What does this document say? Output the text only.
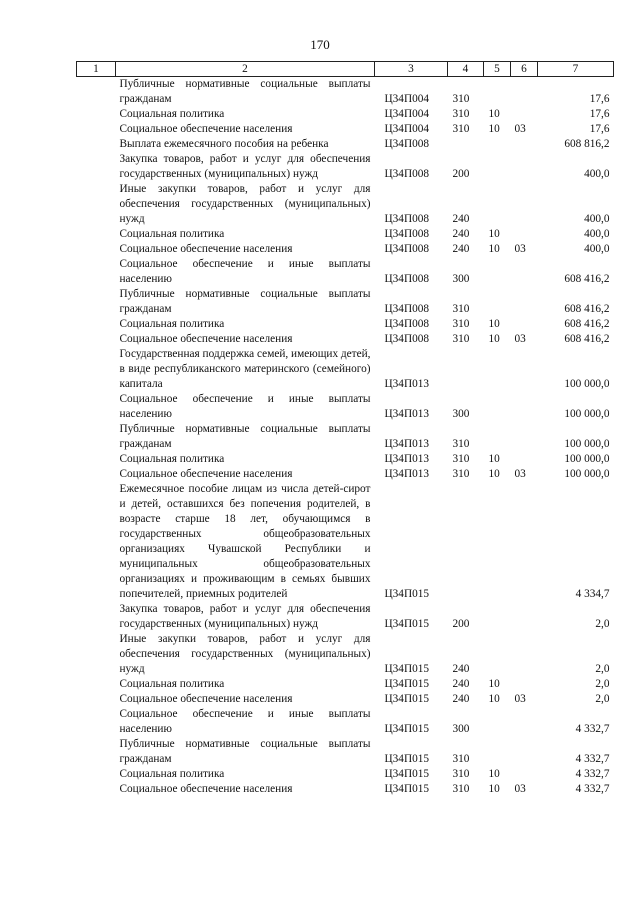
170
1	2	3	4	5	6	7
	Публичные нормативные социальные выплаты гражданам	Ц34П004	310			17,6
	Социальная политика	Ц34П004	310	10		17,6
	Социальное обеспечение населения	Ц34П004	310	10	03	17,6
	Выплата ежемесячного пособия на ребенка	Ц34П008				608 816,2
	Закупка товаров, работ и услуг для обеспечения государственных (муниципальных) нужд	Ц34П008	200			400,0
	Иные закупки товаров, работ и услуг для обеспечения государственных (муниципальных) нужд	Ц34П008	240			400,0
	Социальная политика	Ц34П008	240	10		400,0
	Социальное обеспечение населения	Ц34П008	240	10	03	400,0
	Социальное обеспечение и иные выплаты населению	Ц34П008	300			608 416,2
	Публичные нормативные социальные выплаты гражданам	Ц34П008	310			608 416,2
	Социальная политика	Ц34П008	310	10		608 416,2
	Социальное обеспечение населения	Ц34П008	310	10	03	608 416,2
	Государственная поддержка семей, имеющих детей, в виде республиканского материнского (семейного) капитала	Ц34П013				100 000,0
	Социальное обеспечение и иные выплаты населению	Ц34П013	300			100 000,0
	Публичные нормативные социальные выплаты гражданам	Ц34П013	310			100 000,0
	Социальная политика	Ц34П013	310	10		100 000,0
	Социальное обеспечение населения	Ц34П013	310	10	03	100 000,0
	Ежемесячное пособие лицам из числа детей-сирот и детей, оставшихся без попечения родителей, в возрасте старше 18 лет, обучающимся в государственных общеобразовательных организациях Чувашской Республики и муниципальных общеобразовательных организациях и проживающим в семьях бывших попечителей, приемных родителей	Ц34П015				4 334,7
	Закупка товаров, работ и услуг для обеспечения государственных (муниципальных) нужд	Ц34П015	200			2,0
	Иные закупки товаров, работ и услуг для обеспечения государственных (муниципальных) нужд	Ц34П015	240			2,0
	Социальная политика	Ц34П015	240	10		2,0
	Социальное обеспечение населения	Ц34П015	240	10	03	2,0
	Социальное обеспечение и иные выплаты населению	Ц34П015	300			4 332,7
	Публичные нормативные социальные выплаты гражданам	Ц34П015	310			4 332,7
	Социальная политика	Ц34П015	310	10		4 332,7
	Социальное обеспечение населения	Ц34П015	310	10	03	4 332,7
